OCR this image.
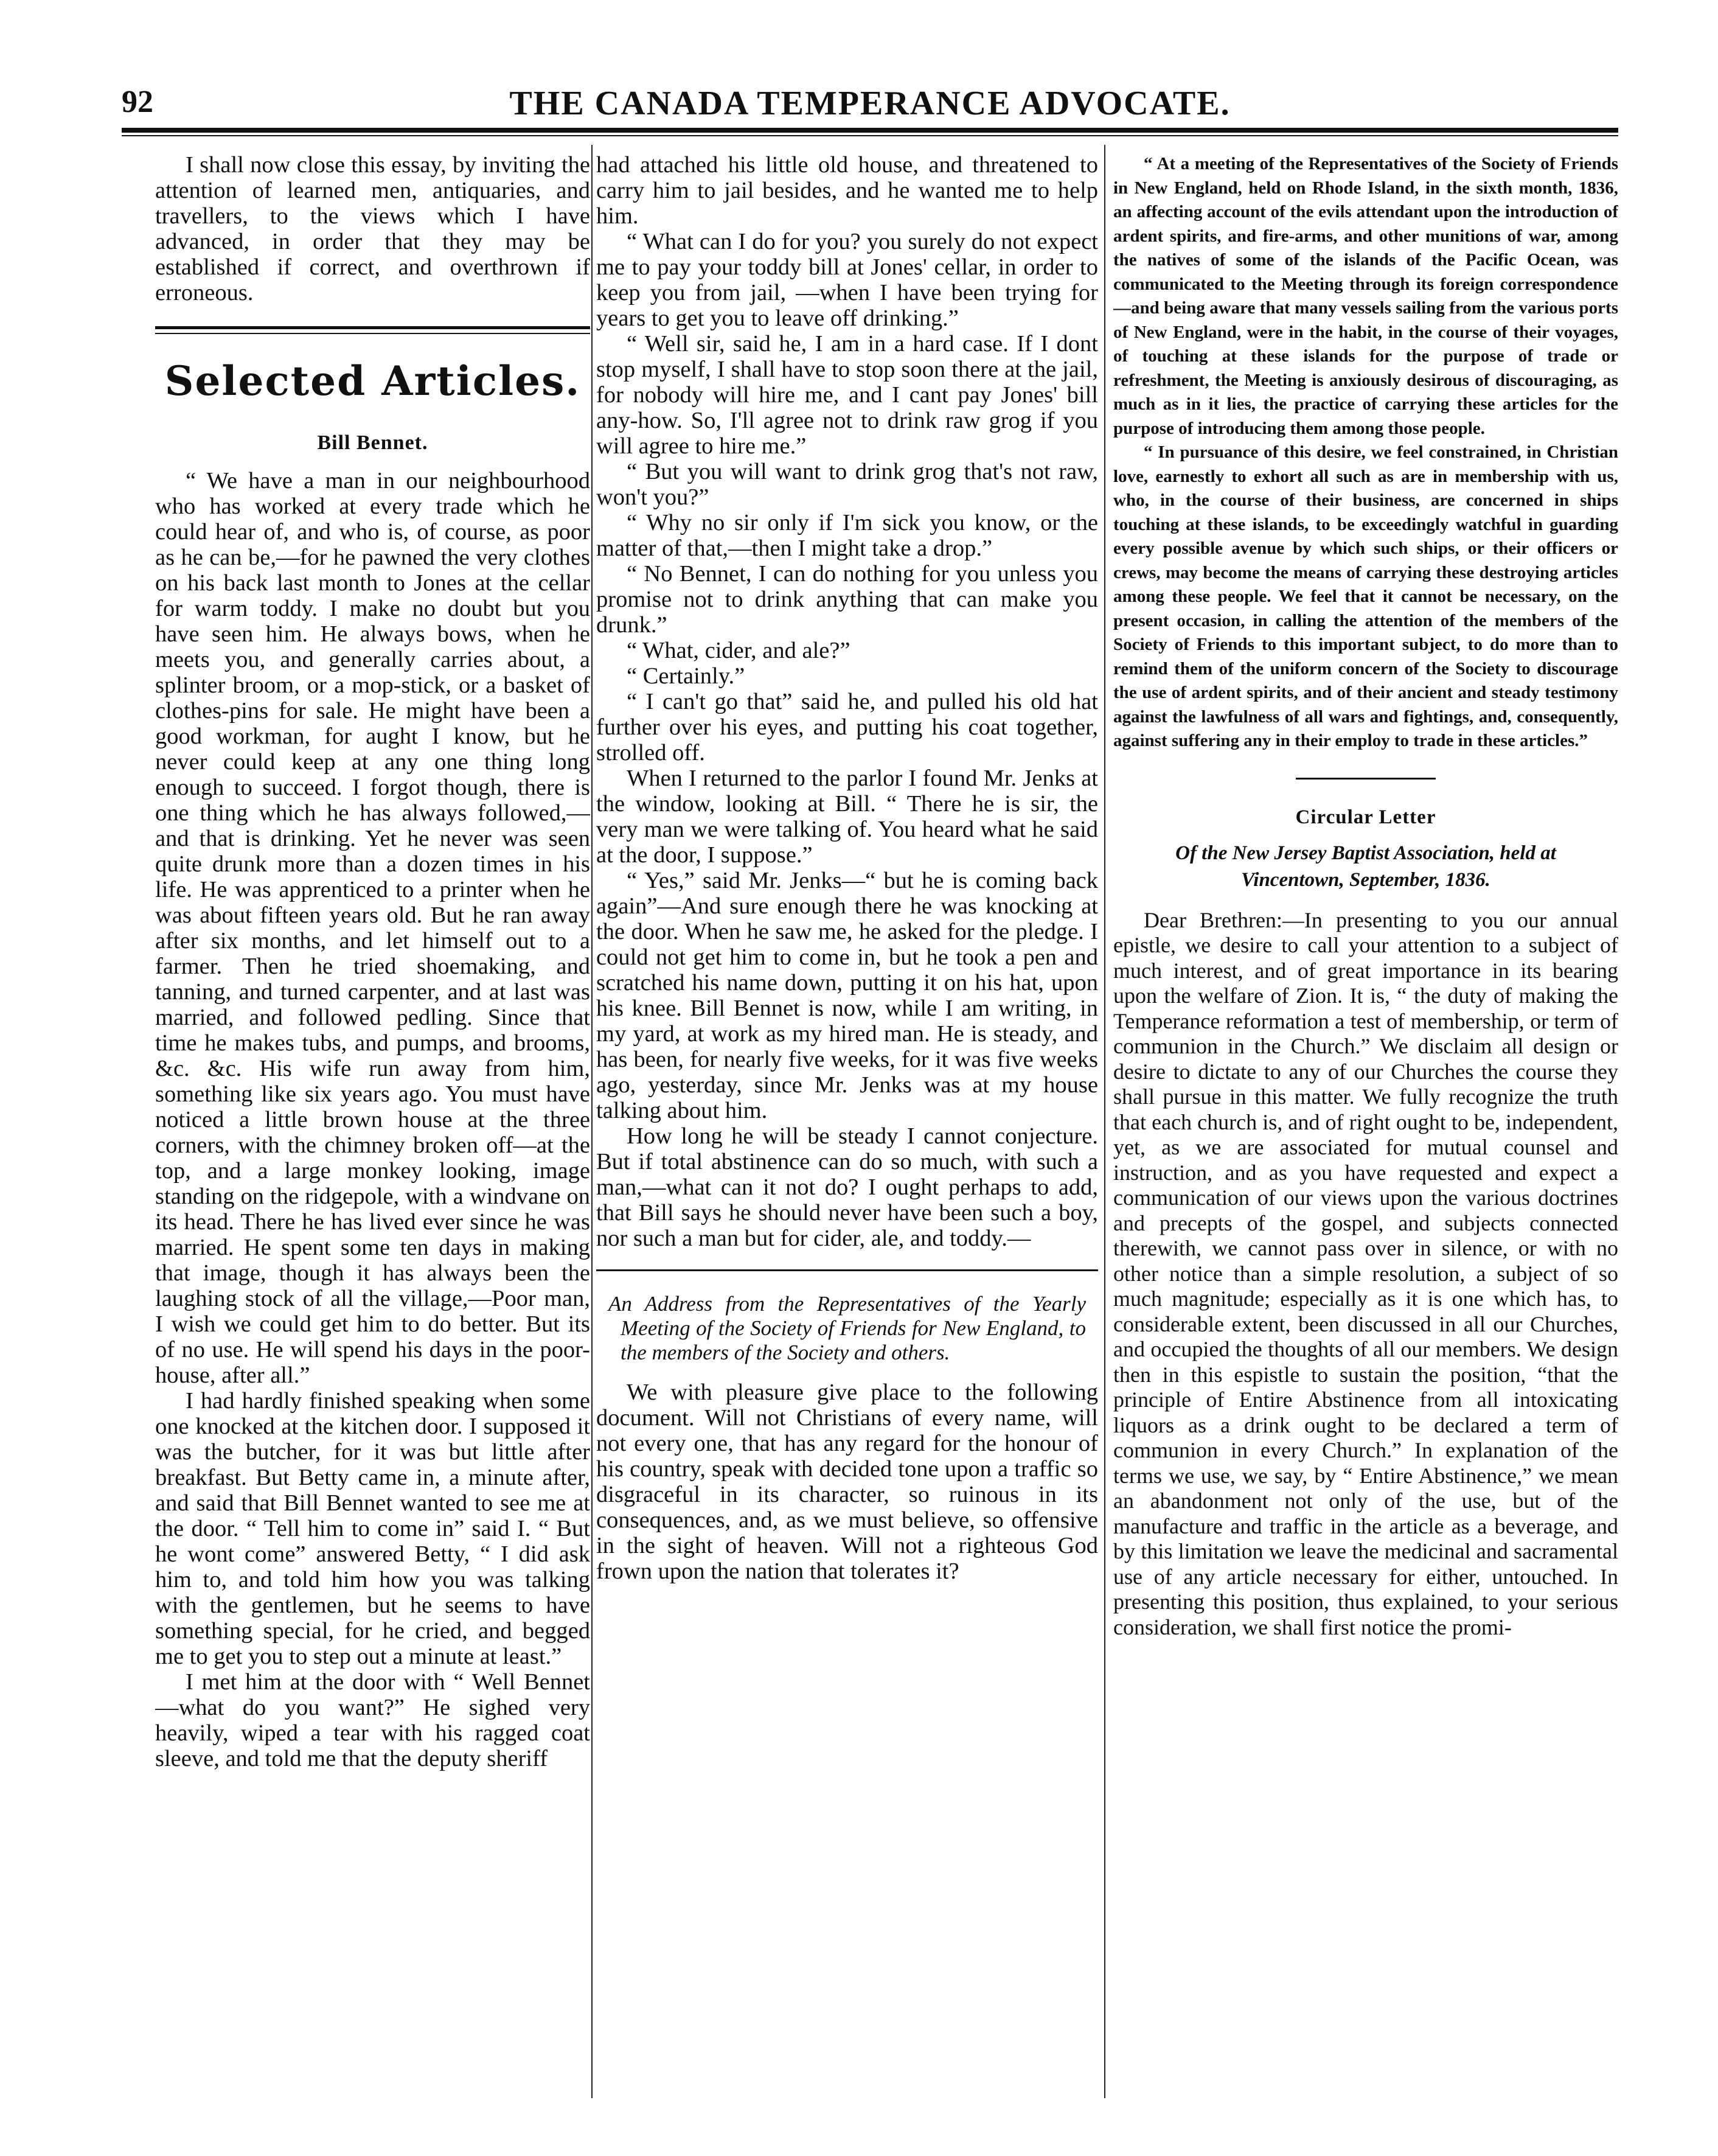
92	THE CANADA TEMPERANCE ADVOCATE.

I shall now close this essay, by inviting the attention of learned men, antiquaries, and travellers, to the views which I have advanced, in order that they may be established if correct, and overthrown if erroneous.

Selected Articles.
Bill Bennet.

“ We have a man in our neighbourhood who has worked at every trade which he could hear of, and who is, of course, as poor as he can be,—for he pawned the very clothes on his back last month to Jones at the cellar for warm toddy. I make no doubt but you have seen him. He always bows, when he meets you, and generally carries about, a splinter broom, or a mop-stick, or a basket of clothes-pins for sale. He might have been a good workman, for aught I know, but he never could keep at any one thing long enough to succeed. I forgot though, there is one thing which he has always followed,—and that is drinking. Yet he never was seen quite drunk more than a dozen times in his life. He was apprenticed to a printer when he was about fifteen years old. But he ran away after six months, and let himself out to a farmer. Then he tried shoemaking, and tanning, and turned carpenter, and at last was married, and followed pedling. Since that time he makes tubs, and pumps, and brooms, &c. &c. His wife run away from him, something like six years ago. You must have noticed a little brown house at the three corners, with the chimney broken off—at the top, and a large monkey looking, image standing on the ridgepole, with a windvane on its head. There he has lived ever since he was married. He spent some ten days in making that image, though it has always been the laughing stock of all the village,—Poor man, I wish we could get him to do better. But its of no use. He will spend his days in the poor-house, after all.”

I had hardly finished speaking when some one knocked at the kitchen door. I supposed it was the butcher, for it was but little after breakfast. But Betty came in, a minute after, and said that Bill Bennet wanted to see me at the door. “ Tell him to come in” said I. “ But he wont come” answered Betty, “ I did ask him to, and told him how you was talking with the gentlemen, but he seems to have something special, for he cried, and begged me to get you to step out a minute at least.”

I met him at the door with “ Well Bennet—what do you want?” He sighed very heavily, wiped a tear with his ragged coat sleeve, and told me that the deputy sheriff

had attached his little old house, and threatened to carry him to jail besides, and he wanted me to help him.

“ What can I do for you? you surely do not expect me to pay your toddy bill at Jones' cellar, in order to keep you from jail, —when I have been trying for years to get you to leave off drinking.”

“ Well sir, said he, I am in a hard case. If I dont stop myself, I shall have to stop soon there at the jail, for nobody will hire me, and I cant pay Jones' bill any-how. So, I'll agree not to drink raw grog if you will agree to hire me.”

“ But you will want to drink grog that's not raw, won't you?”

“ Why no sir only if I'm sick you know, or the matter of that,—then I might take a drop.”

“ No Bennet, I can do nothing for you unless you promise not to drink anything that can make you drunk.”

“ What, cider, and ale?”

“ Certainly.”

“ I can't go that” said he, and pulled his old hat further over his eyes, and putting his coat together, strolled off.

When I returned to the parlor I found Mr. Jenks at the window, looking at Bill. “ There he is sir, the very man we were talking of. You heard what he said at the door, I suppose.”

“ Yes,” said Mr. Jenks—“ but he is coming back again”—And sure enough there he was knocking at the door. When he saw me, he asked for the pledge. I could not get him to come in, but he took a pen and scratched his name down, putting it on his hat, upon his knee. Bill Bennet is now, while I am writing, in my yard, at work as my hired man. He is steady, and has been, for nearly five weeks, for it was five weeks ago, yesterday, since Mr. Jenks was at my house talking about him.

How long he will be steady I cannot conjecture. But if total abstinence can do so much, with such a man,—what can it not do? I ought perhaps to add, that Bill says he should never have been such a boy, nor such a man but for cider, ale, and toddy.—

An Address from the Representatives of the Yearly Meeting of the Society of Friends for New England, to the members of the Society and others.

We with pleasure give place to the following document. Will not Christians of every name, will not every one, that has any regard for the honour of his country, speak with decided tone upon a traffic so disgraceful in its character, so ruinous in its consequences, and, as we must believe, so offensive in the sight of heaven. Will not a righteous God frown upon the nation that tolerates it?

“ At a meeting of the Representatives of the Society of Friends in New England, held on Rhode Island, in the sixth month, 1836, an affecting account of the evils attendant upon the introduction of ardent spirits, and fire-arms, and other munitions of war, among the natives of some of the islands of the Pacific Ocean, was communicated to the Meeting through its foreign correspondence—and being aware that many vessels sailing from the various ports of New England, were in the habit, in the course of their voyages, of touching at these islands for the purpose of trade or refreshment, the Meeting is anxiously desirous of discouraging, as much as in it lies, the practice of carrying these articles for the purpose of introducing them among those people.

“ In pursuance of this desire, we feel constrained, in Christian love, earnestly to exhort all such as are in membership with us, who, in the course of their business, are concerned in ships touching at these islands, to be exceedingly watchful in guarding every possible avenue by which such ships, or their officers or crews, may become the means of carrying these destroying articles among these people. We feel that it cannot be necessary, on the present occasion, in calling the attention of the members of the Society of Friends to this important subject, to do more than to remind them of the uniform concern of the Society to discourage the use of ardent spirits, and of their ancient and steady testimony against the lawfulness of all wars and fightings, and, consequently, against suffering any in their employ to trade in these articles.”

Circular Letter
Of the New Jersey Baptist Association, held at
Vincentown, September, 1836.

Dear Brethren:—In presenting to you our annual epistle, we desire to call your attention to a subject of much interest, and of great importance in its bearing upon the welfare of Zion. It is, “ the duty of making the Temperance reformation a test of membership, or term of communion in the Church.” We disclaim all design or desire to dictate to any of our Churches the course they shall pursue in this matter. We fully recognize the truth that each church is, and of right ought to be, independent, yet, as we are associated for mutual counsel and instruction, and as you have requested and expect a communication of our views upon the various doctrines and precepts of the gospel, and subjects connected therewith, we cannot pass over in silence, or with no other notice than a simple resolution, a subject of so much magnitude; especially as it is one which has, to considerable extent, been discussed in all our Churches, and occupied the thoughts of all our members. We design then in this espistle to sustain the position, “that the principle of Entire Abstinence from all intoxicating liquors as a drink ought to be declared a term of communion in every Church.” In explanation of the terms we use, we say, by “ Entire Abstinence,” we mean an abandonment not only of the use, but of the manufacture and traffic in the article as a beverage, and by this limitation we leave the medicinal and sacramental use of any article necessary for either, untouched. In presenting this position, thus explained, to your serious consideration, we shall first notice the promi-
